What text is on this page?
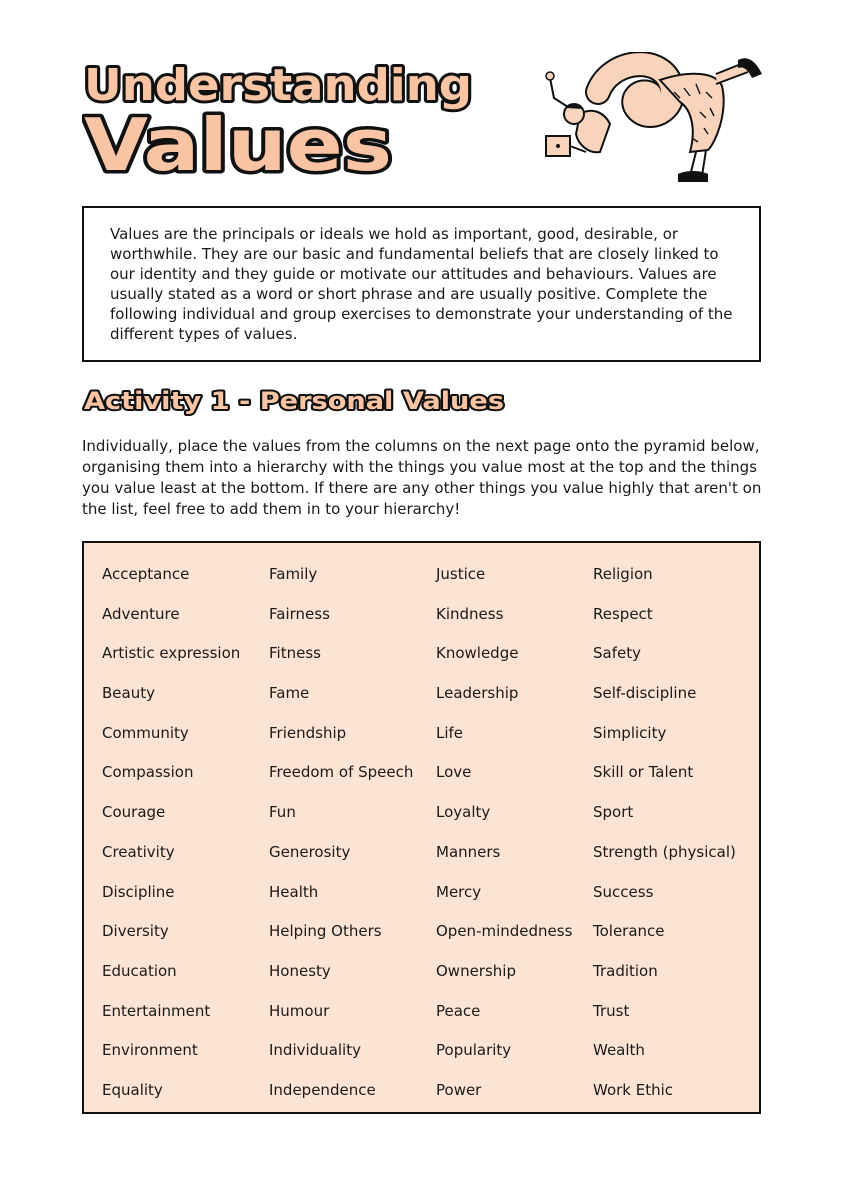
Understanding
Values
Values are the principals or ideals we hold as important, good, desirable, or worthwhile. They are our basic and fundamental beliefs that are closely linked to our identity and they guide or motivate our attitudes and behaviours. Values are usually stated as a word or short phrase and are usually positive. Complete the following individual and group exercises to demonstrate your understanding of the different types of values.
Activity 1 - Personal Values
Individually, place the values from the columns on the next page onto the pyramid below, organising them into a hierarchy with the things you value most at the top and the things you value least at the bottom. If there are any other things you value highly that aren't on the list, feel free to add them in to your hierarchy!
Acceptance
Adventure
Artistic expression
Beauty
Community
Compassion
Courage
Creativity
Discipline
Diversity
Education
Entertainment
Environment
Equality
Family
Fairness
Fitness
Fame
Friendship
Freedom of Speech
Fun
Generosity
Health
Helping Others
Honesty
Humour
Individuality
Independence
Justice
Kindness
Knowledge
Leadership
Life
Love
Loyalty
Manners
Mercy
Open-mindedness
Ownership
Peace
Popularity
Power
Religion
Respect
Safety
Self-discipline
Simplicity
Skill or Talent
Sport
Strength (physical)
Success
Tolerance
Tradition
Trust
Wealth
Work Ethic
